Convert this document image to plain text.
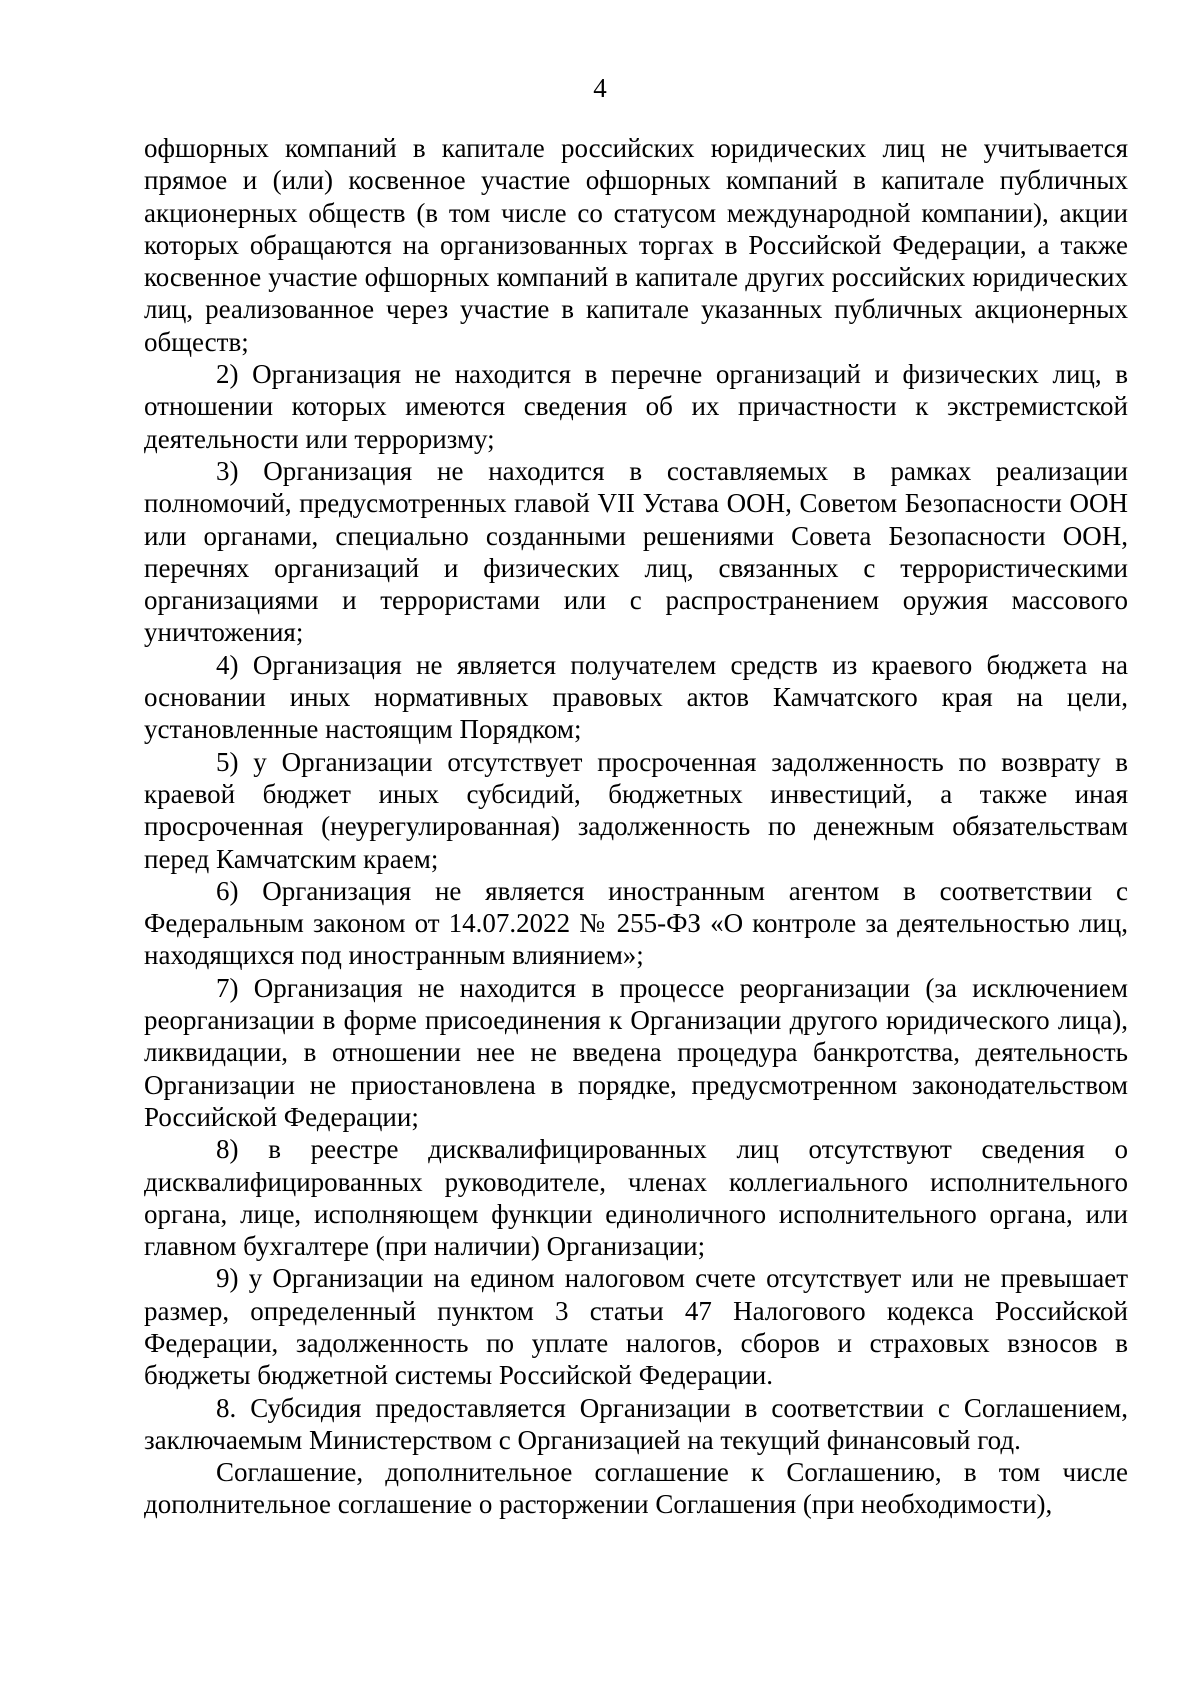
4

офшорных компаний в капитале российских юридических лиц не учитывается прямое и (или) косвенное участие офшорных компаний в капитале публичных акционерных обществ (в том числе со статусом международной компании), акции которых обращаются на организованных торгах в Российской Федерации, а также косвенное участие офшорных компаний в капитале других российских юридических лиц, реализованное через участие в капитале указанных публичных акционерных обществ;

2) Организация не находится в перечне организаций и физических лиц, в отношении которых имеются сведения об их причастности к экстремистской деятельности или терроризму;

3) Организация не находится в составляемых в рамках реализации полномочий, предусмотренных главой VII Устава ООН, Советом Безопасности ООН или органами, специально созданными решениями Совета Безопасности ООН, перечнях организаций и физических лиц, связанных с террористическими организациями и террористами или с распространением оружия массового уничтожения;

4) Организация не является получателем средств из краевого бюджета на основании иных нормативных правовых актов Камчатского края на цели, установленные настоящим Порядком;

5) у Организации отсутствует просроченная задолженность по возврату в краевой бюджет иных субсидий, бюджетных инвестиций, а также иная просроченная (неурегулированная) задолженность по денежным обязательствам перед Камчатским краем;

6) Организация не является иностранным агентом в соответствии с Федеральным законом от 14.07.2022 № 255-ФЗ «О контроле за деятельностью лиц, находящихся под иностранным влиянием»;

7) Организация не находится в процессе реорганизации (за исключением реорганизации в форме присоединения к Организации другого юридического лица), ликвидации, в отношении нее не введена процедура банкротства, деятельность Организации не приостановлена в порядке, предусмотренном законодательством Российской Федерации;

8) в реестре дисквалифицированных лиц отсутствуют сведения о дисквалифицированных руководителе, членах коллегиального исполнительного органа, лице, исполняющем функции единоличного исполнительного органа, или главном бухгалтере (при наличии) Организации;

9) у Организации на едином налоговом счете отсутствует или не превышает размер, определенный пунктом 3 статьи 47 Налогового кодекса Российской Федерации, задолженность по уплате налогов, сборов и страховых взносов в бюджеты бюджетной системы Российской Федерации.

8. Субсидия предоставляется Организации в соответствии с Соглашением, заключаемым Министерством с Организацией на текущий финансовый год.

Соглашение, дополнительное соглашение к Соглашению, в том числе дополнительное соглашение о расторжении Соглашения (при необходимости),
